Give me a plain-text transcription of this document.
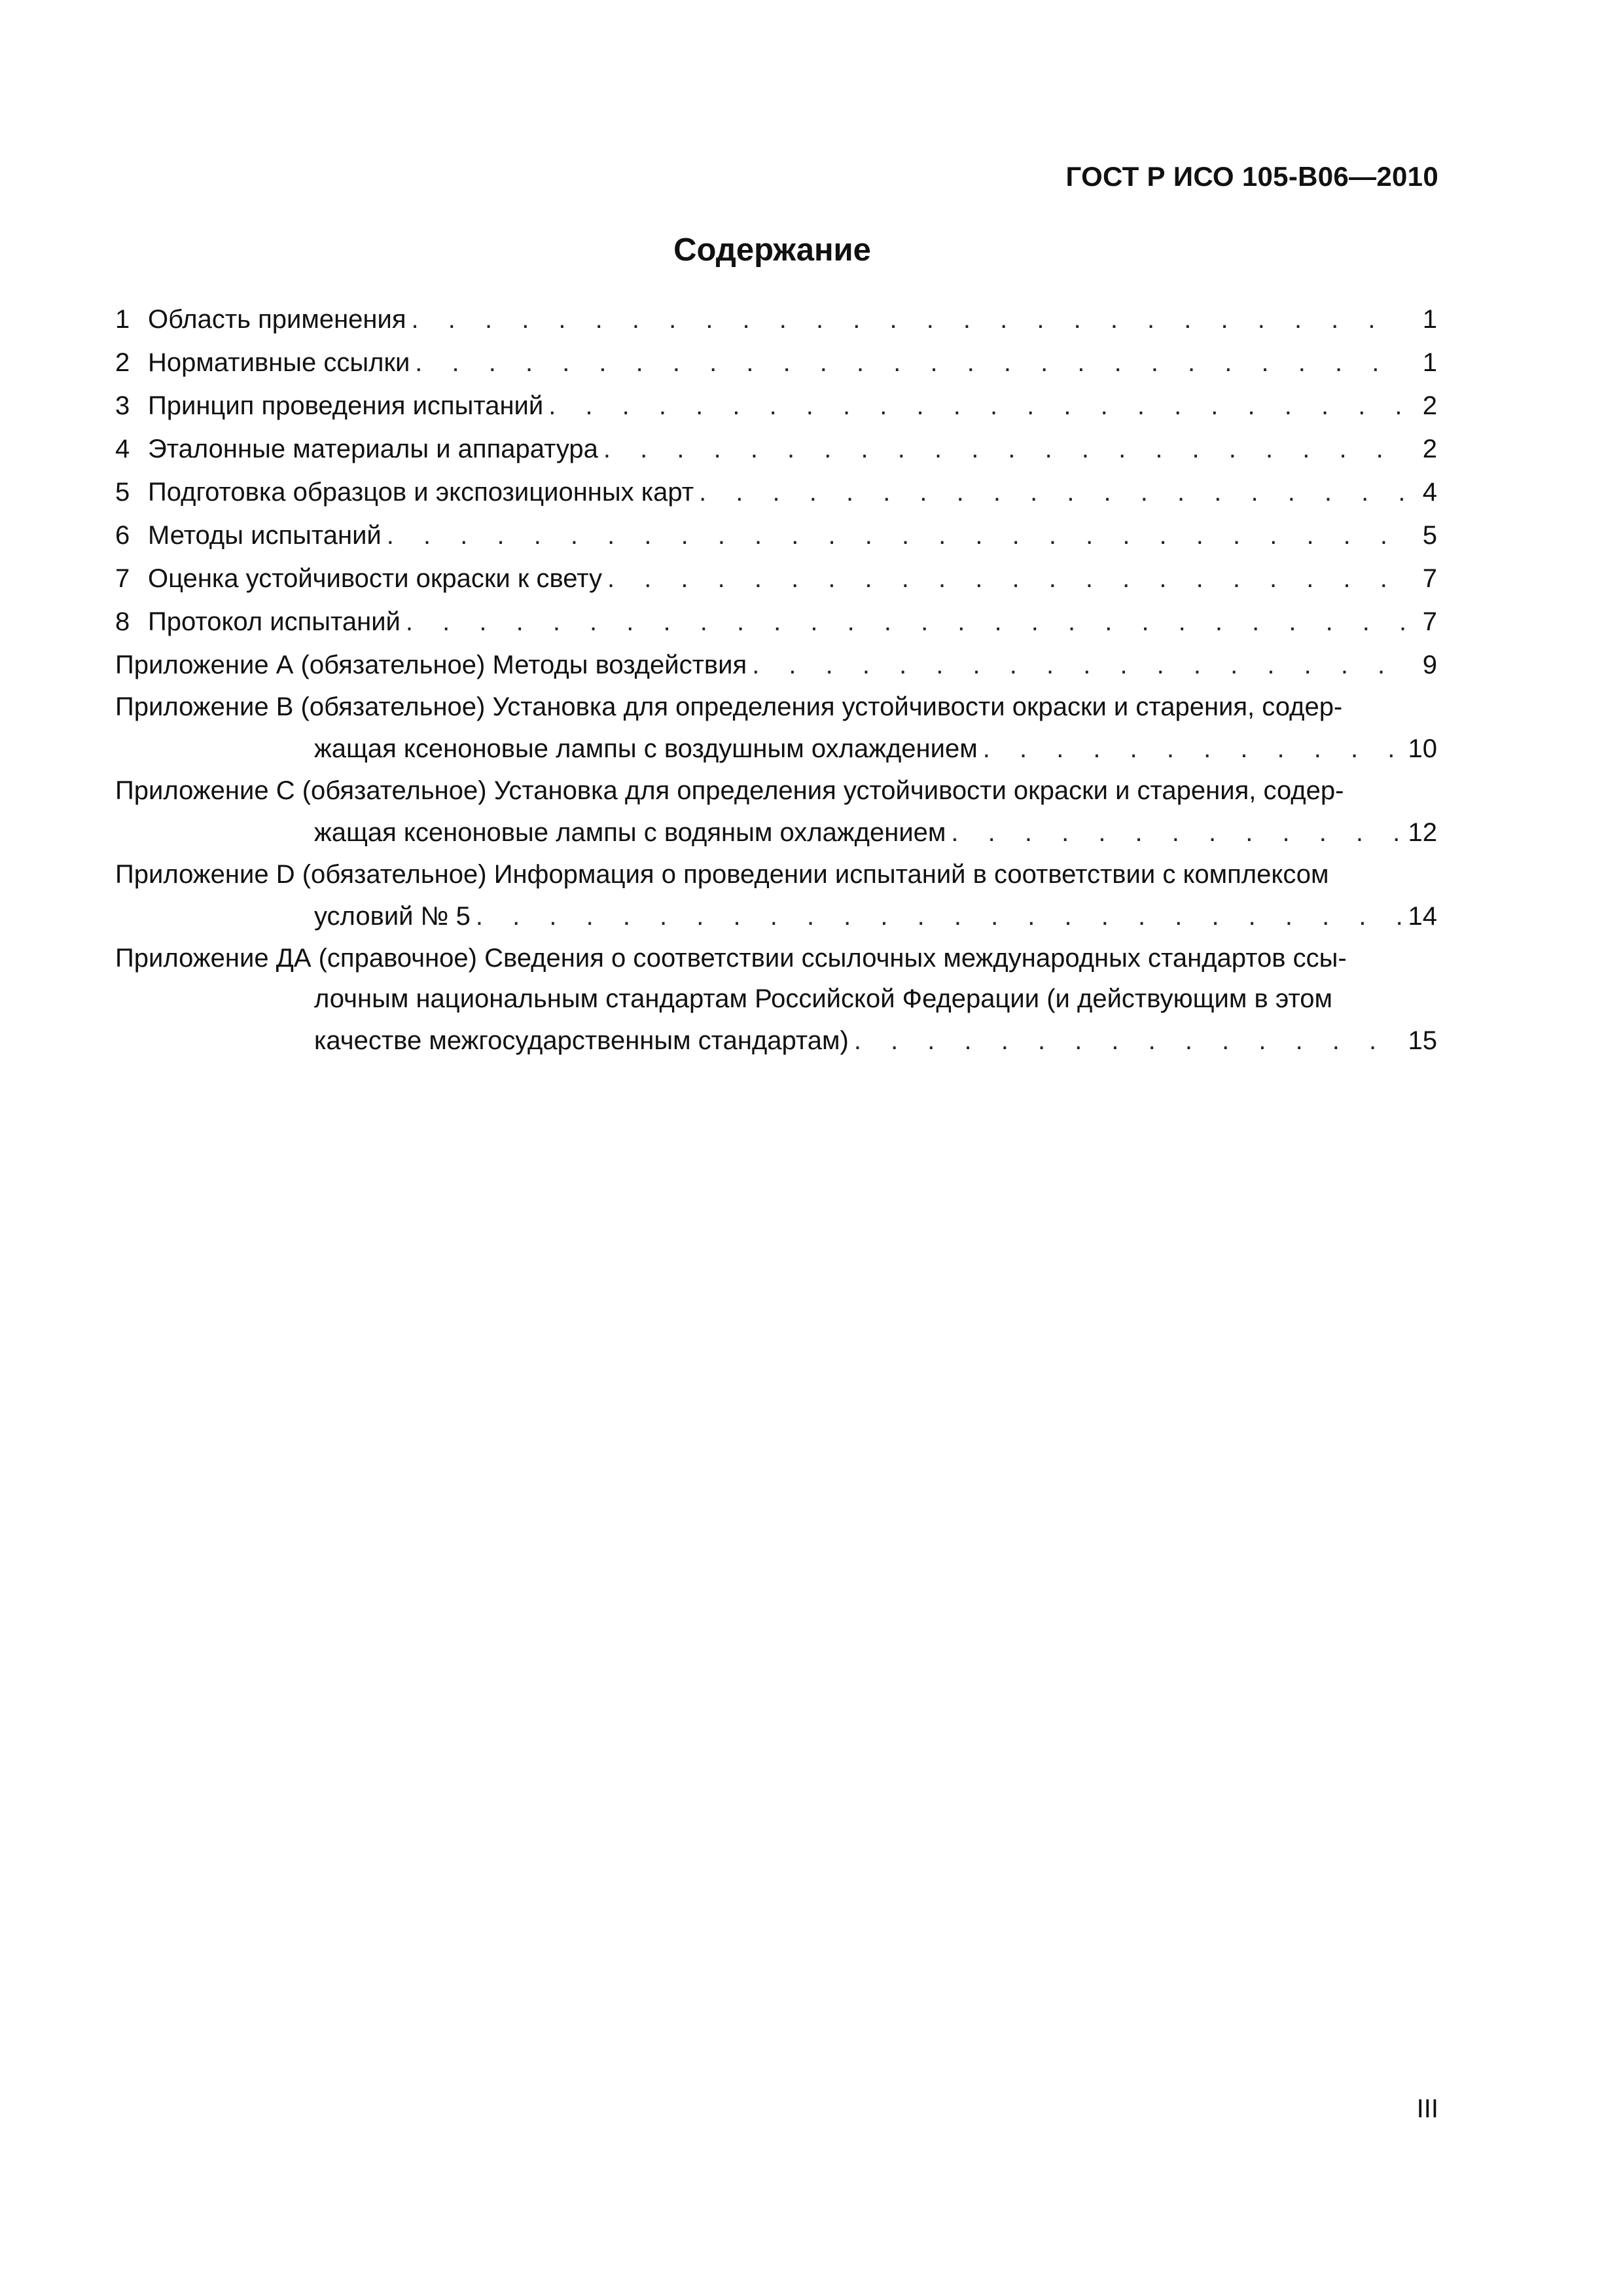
ГОСТ Р ИСО 105-В06—2010
Содержание
1 Область применения . . .	1
2 Нормативные ссылки . . .	1
3 Принцип проведения испытаний . . .	2
4 Эталонные материалы и аппаратура . . .	2
5 Подготовка образцов и экспозиционных карт . . .	4
6 Методы испытаний . . .	5
7 Оценка устойчивости окраски к свету . . .	7
8 Протокол испытаний . . .	7
Приложение А (обязательное) Методы воздействия . . .	9
Приложение В (обязательное) Установка для определения устойчивости окраски и старения, содер-
жащая ксеноновые лампы с воздушным охлаждением . . .	10
Приложение С (обязательное) Установка для определения устойчивости окраски и старения, содер-
жащая ксеноновые лампы с водяным охлаждением . . .	12
Приложение D (обязательное) Информация о проведении испытаний в соответствии с комплексом
условий № 5 . . .	14
Приложение ДА (справочное) Сведения о соответствии ссылочных международных стандартов ссы-
лочным национальным стандартам Российской Федерации (и действующим в этом
качестве межгосударственным стандартам) . . .	15
III
